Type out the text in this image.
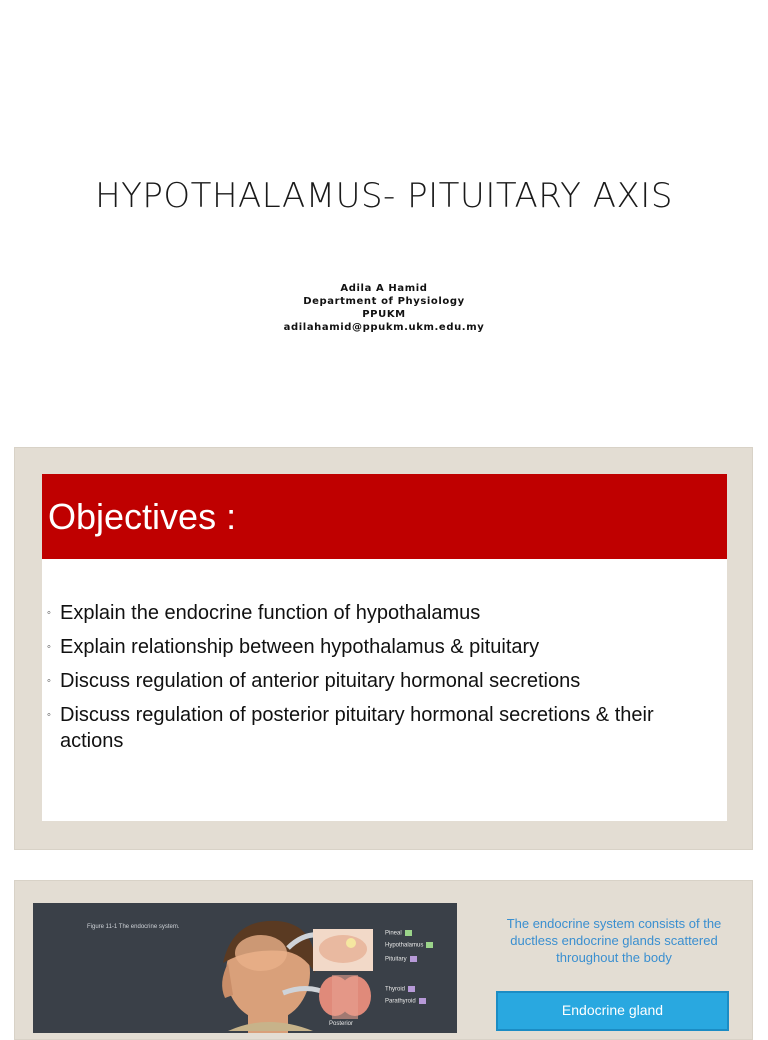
HYPOTHALAMUS- PITUITARY AXIS
Adila A Hamid
Department of Physiology
PPUKM
adilahamid@ppukm.ukm.edu.my
Objectives :
◦ Explain the endocrine function of hypothalamus
◦ Explain relationship between hypothalamus & pituitary
◦ Discuss regulation of anterior pituitary hormonal secretions
◦ Discuss regulation of posterior pituitary hormonal secretions & their actions
Figure 11-1 The endocrine system.
Pineal
Hypothalamus
Pituitary
Thyroid
Parathyroid
Posterior
The endocrine system consists of the ductless endocrine glands scattered throughout the body
Endocrine gland
